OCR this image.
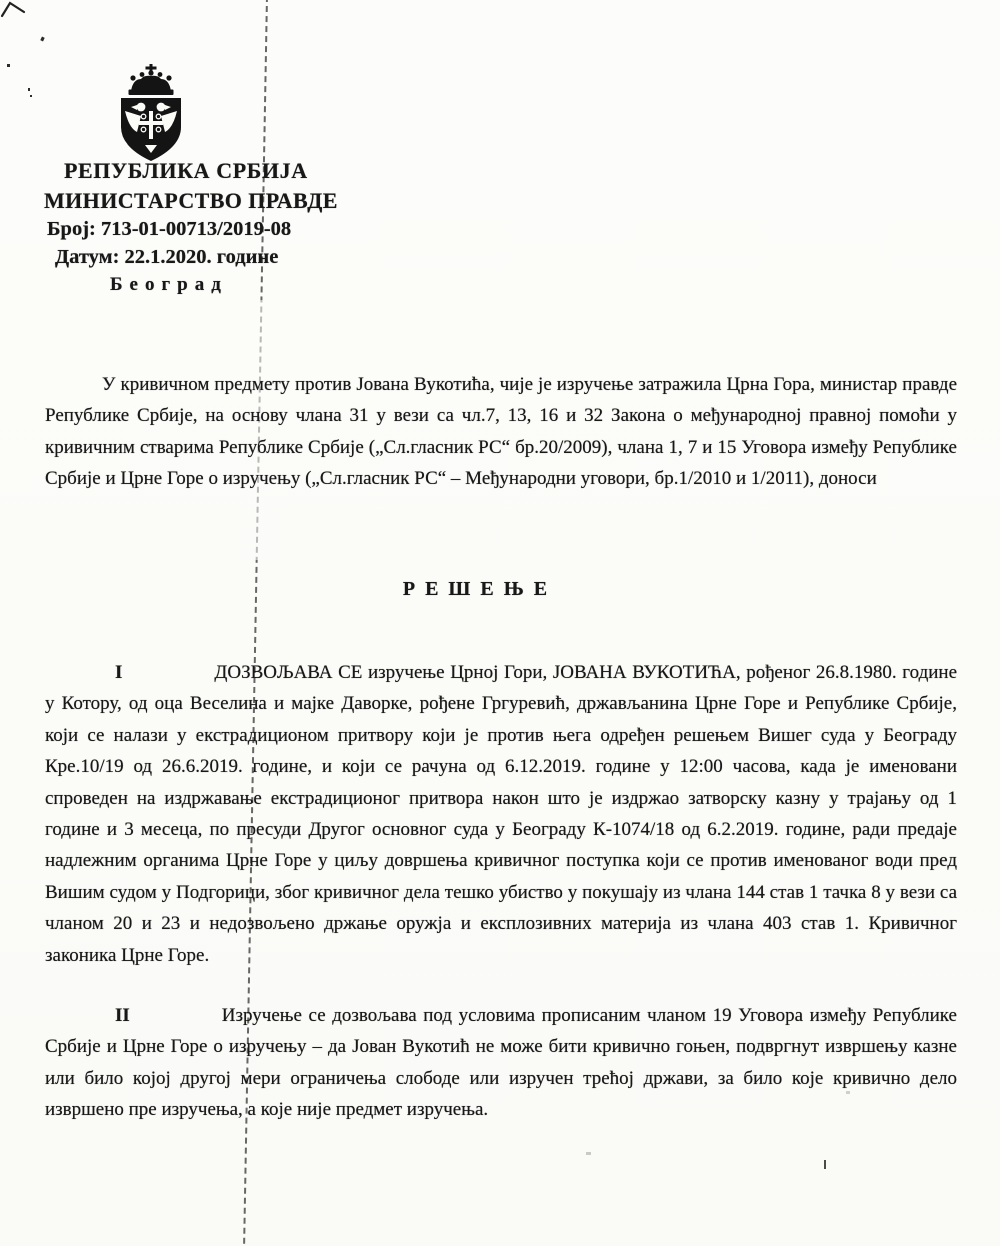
РЕПУБЛИКА СРБИЈА
МИНИСТАРСТВО ПРАВДЕ
Број: 713-01-00713/2019-08
Датум: 22.1.2020. године
Београд

У кривичном предмету против Јована Вукотића, чије је изручење затражила Црна Гора, министар правде Републике Србије, на основу члана 31 у вези са чл.7, 13, 16 и 32 Закона о међународној правној помоћи у кривичним стварима Републике Србије („Сл.гласник РС“ бр.20/2009), члана 1, 7 и 15 Уговора између Републике Србије и Црне Горе о изручењу („Сл.гласник РС“ – Међународни уговори, бр.1/2010 и 1/2011), доноси

РЕШЕЊЕ

I	ДОЗВОЉАВА СЕ изручење Црној Гори, ЈОВАНА ВУКОТИЋА, рођеног 26.8.1980. године у Котору, од оца Веселина и мајке Даворке, рођене Гргуревић, држављанина Црне Горе и Републике Србије, који се налази у екстрадиционом притвору који је против њега одређен решењем Вишег суда у Београду Кре.10/19 од 26.6.2019. године, и који се рачуна од 6.12.2019. године у 12:00 часова, када је именовани спроведен на издржавање екстрадиционог притвора након што је издржао затворску казну у трајању од 1 године и 3 месеца, по пресуди Другог основног суда у Београду К-1074/18 од 6.2.2019. године, ради предаје надлежним органима Црне Горе у циљу довршења кривичног поступка који се против именованог води пред Вишим судом у Подгорици, због кривичног дела тешко убиство у покушају из члана 144 став 1 тачка 8 у вези са чланом 20 и 23 и недозвољено држање оружја и експлозивних материја из члана 403 став 1. Кривичног законика Црне Горе.

II	Изручење се дозвољава под условима прописаним чланом 19 Уговора између Републике Србије и Црне Горе о изручењу – да Јован Вукотић не може бити кривично гоњен, подвргнут извршењу казне или било којој другој мери ограничења слободе или изручен трећој држави, за било које кривично дело извршено пре изручења, а које није предмет изручења.
